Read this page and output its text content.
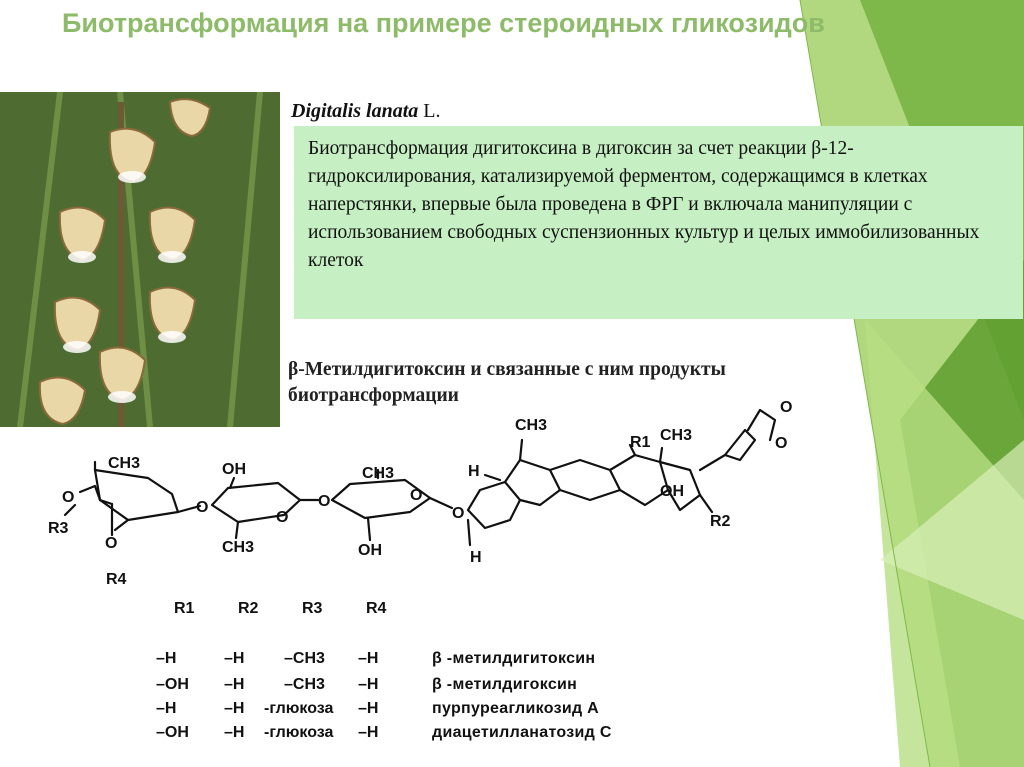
Биотрансформация на примере стероидных гликозидов
Digitalis lanata L.
Биотрансформация дигитоксина в дигоксин за счет реакции β-12-гидроксилирования, катализируемой ферментом, содержащимся в клетках наперстянки, впервые была проведена в ФРГ и включала манипуляции с использованием свободных суспензионных культур и целых иммобилизованных клеток
β-Метилдигитоксин и связанные с ним продукты биотрансформации
CH3
O
R3
O
R4
O
OH
CH3
O
O
CH3
OH
O
O
CH3
H
H
R1 CH3
OH
R2
O
O
R1	R2	R3	R4
–H	–H –CH3 –H	β -метилдигитоксин
–OH –H –CH3 –H	β -метилдигоксин
–H	–H -глюкоза –H	пурпуреагликозид А
–OH –H -глюкоза –H	диацетилланатозид С
